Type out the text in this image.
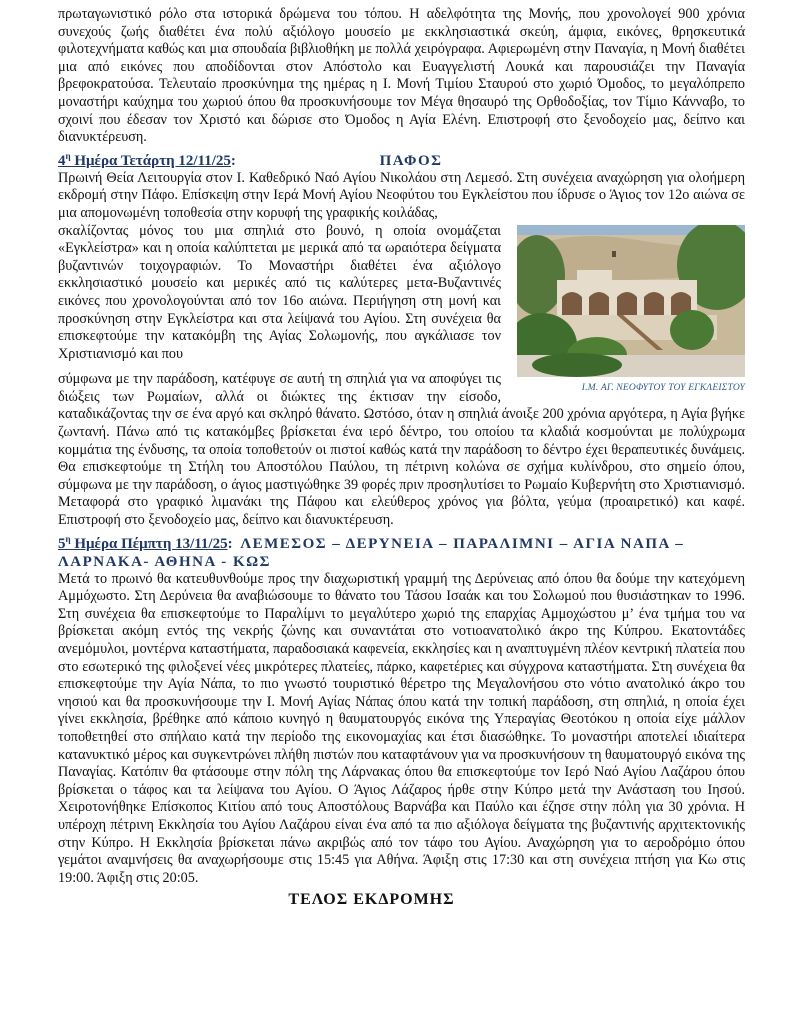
πρωταγωνιστικό ρόλο στα ιστορικά δρώμενα του τόπου. Η αδελφότητα της Μονής, που χρονολογεί 900 χρόνια συνεχούς ζωής διαθέτει ένα πολύ αξιόλογο μουσείο με εκκλησιαστικά σκεύη, άμφια, εικόνες, θρησκευτικά φιλοτεχνήματα καθώς και μια σπουδαία βιβλιοθήκη με πολλά χειρόγραφα. Αφιερωμένη στην Παναγία, η Μονή διαθέτει μια από εικόνες που αποδίδονται στον Απόστολο και Ευαγγελιστή Λουκά και παρουσιάζει την Παναγία βρεφοκρατούσα. Τελευταίο προσκύνημα της ημέρας η Ι. Μονή Τιμίου Σταυρού στο χωριό Όμοδος, το μεγαλόπρεπο μοναστήρι καύχημα του χωριού όπου θα προσκυνήσουμε τον Μέγα θησαυρό της Ορθοδοξίας, τον Τίμιο Κάνναβο, το σχοινί που έδεσαν τον Χριστό και δώρισε στο Όμοδος η Αγία Ελένη. Επιστροφή στο ξενοδοχείο μας, δείπνο και διανυκτέρευση.

$4^\eta$ Ημέρα Τετάρτη 12/11/25:	ΠΑΦΟΣ

Πρωινή Θεία Λειτουργία στον Ι. Καθεδρικό Ναό Αγίου Νικολάου στη Λεμεσό. Στη συνέχεια αναχώρηση για ολοήμερη εκδρομή στην Πάφο. Επίσκεψη στην Ιερά Μονή Αγίου Νεοφύτου του Εγκλείστου που ίδρυσε ο Άγιος τον 12ο αιώνα σε μια απομονωμένη τοποθεσία στην κορυφή της γραφικής κοιλάδας,

Ι.Μ. ΑΓ. ΝΕΟΦΥΤΟΥ ΤΟΥ ΕΓΚΛΕΙΣΤΟΥ

σκαλίζοντας μόνος του μια σπηλιά στο βουνό, η οποία ονομάζεται «Εγκλείστρα» και η οποία καλύπτεται με μερικά από τα ωραιότερα δείγματα βυζαντινών τοιχογραφιών. Το Μοναστήρι διαθέτει ένα αξιόλογο εκκλησιαστικό μουσείο και μερικές από τις καλύτερες μετα-Βυζαντινές εικόνες που χρονολογούνται από τον 16ο αιώνα. Περιήγηση στη μονή και προσκύνηση στην Εγκλείστρα και στα λείψανά του Αγίου. Στη συνέχεια θα επισκεφτούμε την κατακόμβη της Αγίας Σολωμονής, που αγκάλιασε τον Χριστιανισμό και που

σύμφωνα με την παράδοση, κατέφυγε σε αυτή τη σπηλιά για να αποφύγει τις διώξεις των Ρωμαίων, αλλά οι διώκτες της έκτισαν την είσοδο, καταδικάζοντας την σε ένα αργό και σκληρό θάνατο. Ωστόσο, όταν η σπηλιά άνοιξε 200 χρόνια αργότερα, η Αγία βγήκε ζωντανή. Πάνω από τις κατακόμβες βρίσκεται ένα ιερό δέντρο, του οποίου τα κλαδιά κοσμούνται με πολύχρωμα κομμάτια της ένδυσης, τα οποία τοποθετούν οι πιστοί καθώς κατά την παράδοση το δέντρο έχει θεραπευτικές δυνάμεις. Θα επισκεφτούμε τη Στήλη του Αποστόλου Παύλου, τη πέτρινη κολώνα σε σχήμα κυλίνδρου, στο σημείο όπου, σύμφωνα με την παράδοση, ο άγιος μαστιγώθηκε 39 φορές πριν προσηλυτίσει το Ρωμαίο Κυβερνήτη στο Χριστιανισμό. Μεταφορά στο γραφικό λιμανάκι της Πάφου και ελεύθερος χρόνος για βόλτα, γεύμα (προαιρετικό) και καφέ. Επιστροφή στο ξενοδοχείο μας, δείπνο και διανυκτέρευση.

$5^\eta$ Ημέρα Πέμπτη 13/11/25: ΛΕΜΕΣΟΣ – ΔΕΡΥΝΕΙΑ – ΠΑΡΑΛΙΜΝΙ – ΑΓΙΑ ΝΑΠΑ – ΛΑΡΝΑΚΑ- ΑΘΗΝΑ - ΚΩΣ

Μετά το πρωινό θα κατευθυνθούμε προς την διαχωριστική γραμμή της Δερύνειας από όπου θα δούμε την κατεχόμενη Αμμόχωστο. Στη Δερύνεια θα αναβιώσουμε το θάνατο του Τάσου Ισαάκ και του Σολωμού που θυσιάστηκαν το 1996. Στη συνέχεια θα επισκεφτούμε το Παραλίμνι το μεγαλύτερο χωριό της επαρχίας Αμμοχώστου μ’ ένα τμήμα του να βρίσκεται ακόμη εντός της νεκρής ζώνης και συναντάται στο νοτιοανατολικό άκρο της Κύπρου. Εκατοντάδες ανεμόμυλοι, μοντέρνα καταστήματα, παραδοσιακά καφενεία, εκκλησίες και η αναπτυγμένη πλέον κεντρική πλατεία που στο εσωτερικό της φιλοξενεί νέες μικρότερες πλατείες, πάρκο, καφετέριες και σύγχρονα καταστήματα. Στη συνέχεια θα επισκεφτούμε την Αγία Νάπα, το πιο γνωστό τουριστικό θέρετρο της Μεγαλονήσου στο νότιο ανατολικό άκρο του νησιού και θα προσκυνήσουμε την Ι. Μονή Αγίας Νάπας όπου κατά την τοπική παράδοση, στη σπηλιά, η οποία έχει γίνει εκκλησία, βρέθηκε από κάποιο κυνηγό η θαυματουργός εικόνα της Υπεραγίας Θεοτόκου η οποία είχε μάλλον τοποθετηθεί στο σπήλαιο κατά την περίοδο της εικονομαχίας και έτσι διασώθηκε. Το μοναστήρι αποτελεί ιδιαίτερα κατανυκτικό μέρος και συγκεντρώνει πλήθη πιστών που καταφτάνουν για να προσκυνήσουν τη θαυματουργό εικόνα της Παναγίας. Κατόπιν θα φτάσουμε στην πόλη της Λάρνακας όπου θα επισκεφτούμε τον Ιερό Ναό Αγίου Λαζάρου όπου βρίσκεται ο τάφος και τα λείψανα του Αγίου. Ο Άγιος Λάζαρος ήρθε στην Κύπρο μετά την Ανάσταση του Ιησού. Χειροτονήθηκε Επίσκοπος Κιτίου από τους Αποστόλους Βαρνάβα και Παύλο και έζησε στην πόλη για 30 χρόνια. Η υπέροχη πέτρινη Εκκλησία του Αγίου Λαζάρου είναι ένα από τα πιο αξιόλογα δείγματα της βυζαντινής αρχιτεκτονικής στην Κύπρο. Η Εκκλησία βρίσκεται πάνω ακριβώς από τον τάφο του Αγίου. Αναχώρηση για το αεροδρόμιο όπου γεμάτοι αναμνήσεις θα αναχωρήσουμε στις 15:45 για Αθήνα. Άφιξη στις 17:30 και στη συνέχεια πτήση για Κω στις 19:00. Άφιξη στις 20:05.

ΤΕΛΟΣ ΕΚΔΡΟΜΗΣ
